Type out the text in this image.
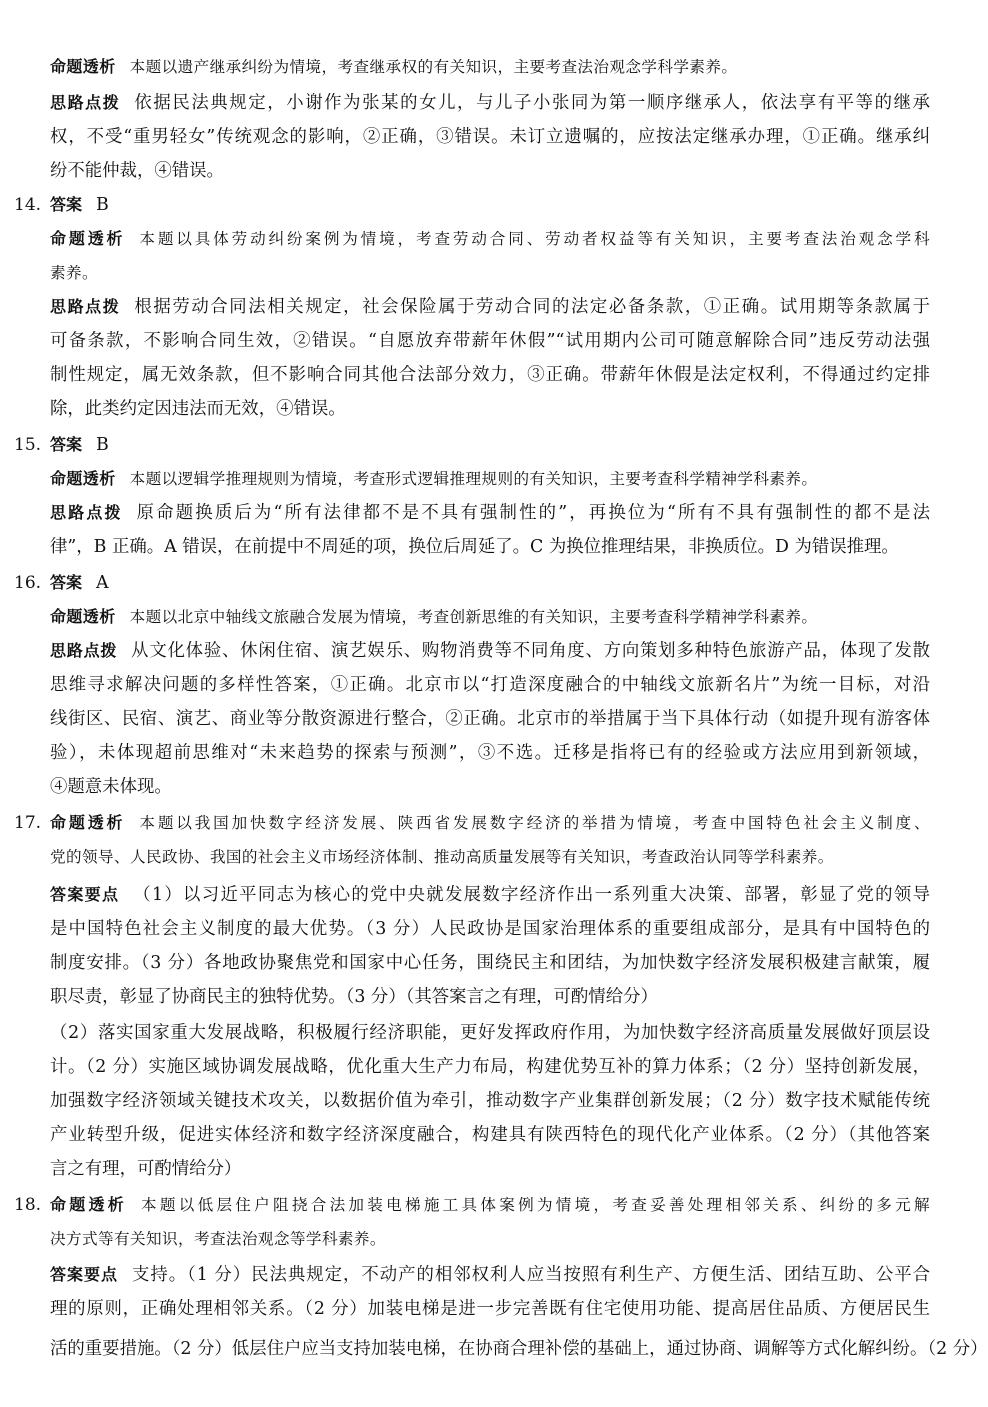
命题透析 本题以遗产继承纠纷为情境，考查继承权的有关知识，主要考查法治观念学科学素养。
思路点拨 依据民法典规定，小谢作为张某的女儿，与儿子小张同为第一顺序继承人，依法享有平等的继承
权，不受“重男轻女”传统观念的影响，②正确，③错误。未订立遗嘱的，应按法定继承办理，①正确。继承纠
纷不能仲裁，④错误。
14. 答案 B
命题透析 本题以具体劳动纠纷案例为情境，考查劳动合同、劳动者权益等有关知识，主要考查法治观念学科
素养。
思路点拨 根据劳动合同法相关规定，社会保险属于劳动合同的法定必备条款，①正确。试用期等条款属于
可备条款，不影响合同生效，②错误。“自愿放弃带薪年休假”“试用期内公司可随意解除合同”违反劳动法强
制性规定，属无效条款，但不影响合同其他合法部分效力，③正确。带薪年休假是法定权利，不得通过约定排
除，此类约定因违法而无效，④错误。
15. 答案 B
命题透析 本题以逻辑学推理规则为情境，考查形式逻辑推理规则的有关知识，主要考查科学精神学科素养。
思路点拨 原命题换质后为“所有法律都不是不具有强制性的”，再换位为“所有不具有强制性的都不是法
律”，B 正确。A 错误，在前提中不周延的项，换位后周延了。C 为换位推理结果，非换质位。D 为错误推理。
16. 答案 A
命题透析 本题以北京中轴线文旅融合发展为情境，考查创新思维的有关知识，主要考查科学精神学科素养。
思路点拨 从文化体验、休闲住宿、演艺娱乐、购物消费等不同角度、方向策划多种特色旅游产品，体现了发散
思维寻求解决问题的多样性答案，①正确。北京市以“打造深度融合的中轴线文旅新名片”为统一目标，对沿
线街区、民宿、演艺、商业等分散资源进行整合，②正确。北京市的举措属于当下具体行动（如提升现有游客体
验），未体现超前思维对“未来趋势的探索与预测”，③不选。迁移是指将已有的经验或方法应用到新领域，
④题意未体现。
17. 命题透析 本题以我国加快数字经济发展、陕西省发展数字经济的举措为情境，考查中国特色社会主义制度、
党的领导、人民政协、我国的社会主义市场经济体制、推动高质量发展等有关知识，考查政治认同等学科素养。
答案要点 （1）以习近平同志为核心的党中央就发展数字经济作出一系列重大决策、部署，彰显了党的领导
是中国特色社会主义制度的最大优势。（3 分）人民政协是国家治理体系的重要组成部分，是具有中国特色的
制度安排。（3 分）各地政协聚焦党和国家中心任务，围绕民主和团结，为加快数字经济发展积极建言献策，履
职尽责，彰显了协商民主的独特优势。（3 分）（其答案言之有理，可酌情给分）
（2）落实国家重大发展战略，积极履行经济职能，更好发挥政府作用，为加快数字经济高质量发展做好顶层设
计。（2 分）实施区域协调发展战略，优化重大生产力布局，构建优势互补的算力体系；（2 分）坚持创新发展，
加强数字经济领域关键技术攻关，以数据价值为牵引，推动数字产业集群创新发展；（2 分）数字技术赋能传统
产业转型升级，促进实体经济和数字经济深度融合，构建具有陕西特色的现代化产业体系。（2 分）（其他答案
言之有理，可酌情给分）
18. 命题透析 本题以低层住户阻挠合法加装电梯施工具体案例为情境，考查妥善处理相邻关系、纠纷的多元解
决方式等有关知识，考查法治观念等学科素养。
答案要点 支持。（1 分）民法典规定，不动产的相邻权利人应当按照有利生产、方便生活、团结互助、公平合
理的原则，正确处理相邻关系。（2 分）加装电梯是进一步完善既有住宅使用功能、提高居住品质、方便居民生
活的重要措施。（2 分）低层住户应当支持加装电梯，在协商合理补偿的基础上，通过协商、调解等方式化解纠纷。（2 分）
